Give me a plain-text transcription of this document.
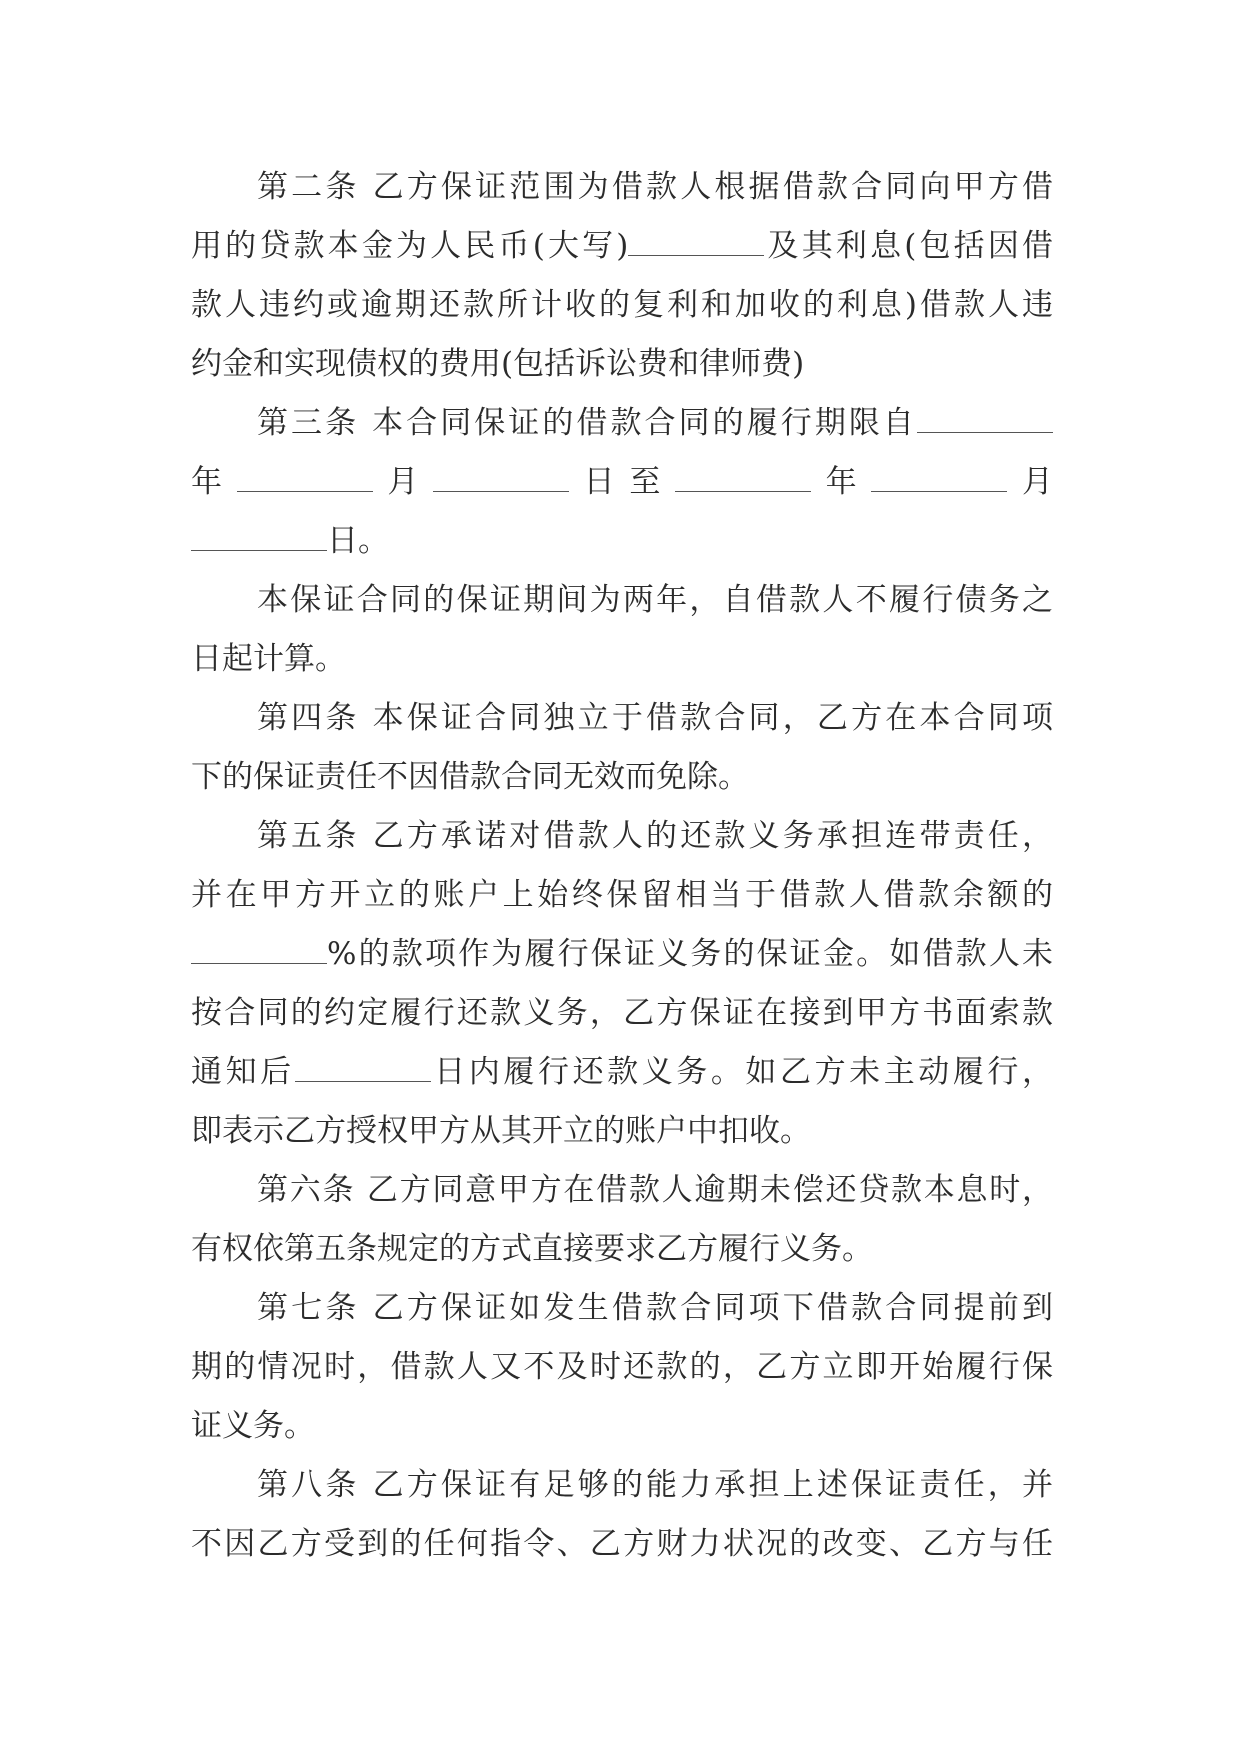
第二条 乙方保证范围为借款人根据借款合同向甲方借
用的贷款本金为人民币(大写)	及其利息(包括因借
款人违约或逾期还款所计收的复利和加收的利息)借款人违
约金和实现债权的费用(包括诉讼费和律师费)
第三条 本合同保证的借款合同的履行期限自
年	月	日至	年	月
日。
本保证合同的保证期间为两年，自借款人不履行债务之
日起计算。
第四条 本保证合同独立于借款合同，乙方在本合同项
下的保证责任不因借款合同无效而免除。
第五条 乙方承诺对借款人的还款义务承担连带责任，
并在甲方开立的账户上始终保留相当于借款人借款余额的
%的款项作为履行保证义务的保证金。如借款人未
按合同的约定履行还款义务，乙方保证在接到甲方书面索款
通知后	日内履行还款义务。如乙方未主动履行，
即表示乙方授权甲方从其开立的账户中扣收。
第六条 乙方同意甲方在借款人逾期未偿还贷款本息时，
有权依第五条规定的方式直接要求乙方履行义务。
第七条 乙方保证如发生借款合同项下借款合同提前到
期的情况时，借款人又不及时还款的，乙方立即开始履行保
证义务。
第八条 乙方保证有足够的能力承担上述保证责任，并
不因乙方受到的任何指令、乙方财力状况的改变、乙方与任
